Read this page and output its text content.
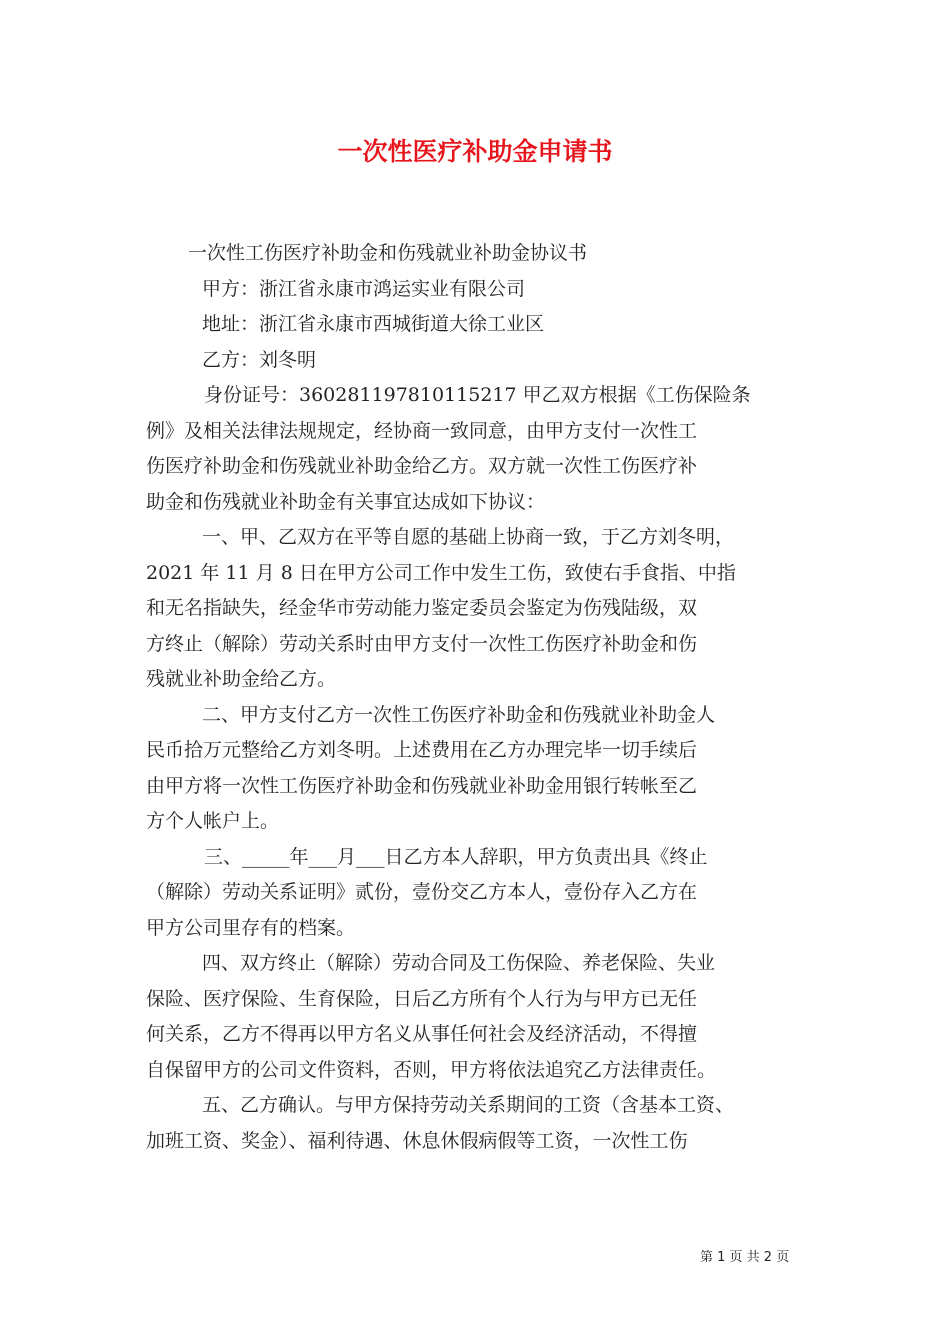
一次性医疗补助金申请书

一次性工伤医疗补助金和伤残就业补助金协议书

甲方：浙江省永康市鸿运实业有限公司

地址：浙江省永康市西城街道大徐工业区

乙方：刘冬明

身份证号：360281197810115217 甲乙双方根据《工伤保险条

例》及相关法律法规规定，经协商一致同意，由甲方支付一次性工

伤医疗补助金和伤残就业补助金给乙方。双方就一次性工伤医疗补

助金和伤残就业补助金有关事宜达成如下协议：

一、甲、乙双方在平等自愿的基础上协商一致，于乙方刘冬明，

2021 年 11 月 8 日在甲方公司工作中发生工伤，致使右手食指、中指

和无名指缺失，经金华市劳动能力鉴定委员会鉴定为伤残陆级，双

方终止（解除）劳动关系时由甲方支付一次性工伤医疗补助金和伤

残就业补助金给乙方。

二、甲方支付乙方一次性工伤医疗补助金和伤残就业补助金人

民币拾万元整给乙方刘冬明。上述费用在乙方办理完毕一切手续后

由甲方将一次性工伤医疗补助金和伤残就业补助金用银行转帐至乙

方个人帐户上。

三、_____年___月___日乙方本人辞职，甲方负责出具《终止

（解除）劳动关系证明》贰份，壹份交乙方本人，壹份存入乙方在

甲方公司里存有的档案。

四、双方终止（解除）劳动合同及工伤保险、养老保险、失业

保险、医疗保险、生育保险，日后乙方所有个人行为与甲方已无任

何关系，乙方不得再以甲方名义从事任何社会及经济活动，不得擅

自保留甲方的公司文件资料，否则，甲方将依法追究乙方法律责任。

五、乙方确认。与甲方保持劳动关系期间的工资（含基本工资、

加班工资、奖金）、福利待遇、休息休假病假等工资，一次性工伤

第 1 页 共 2 页
